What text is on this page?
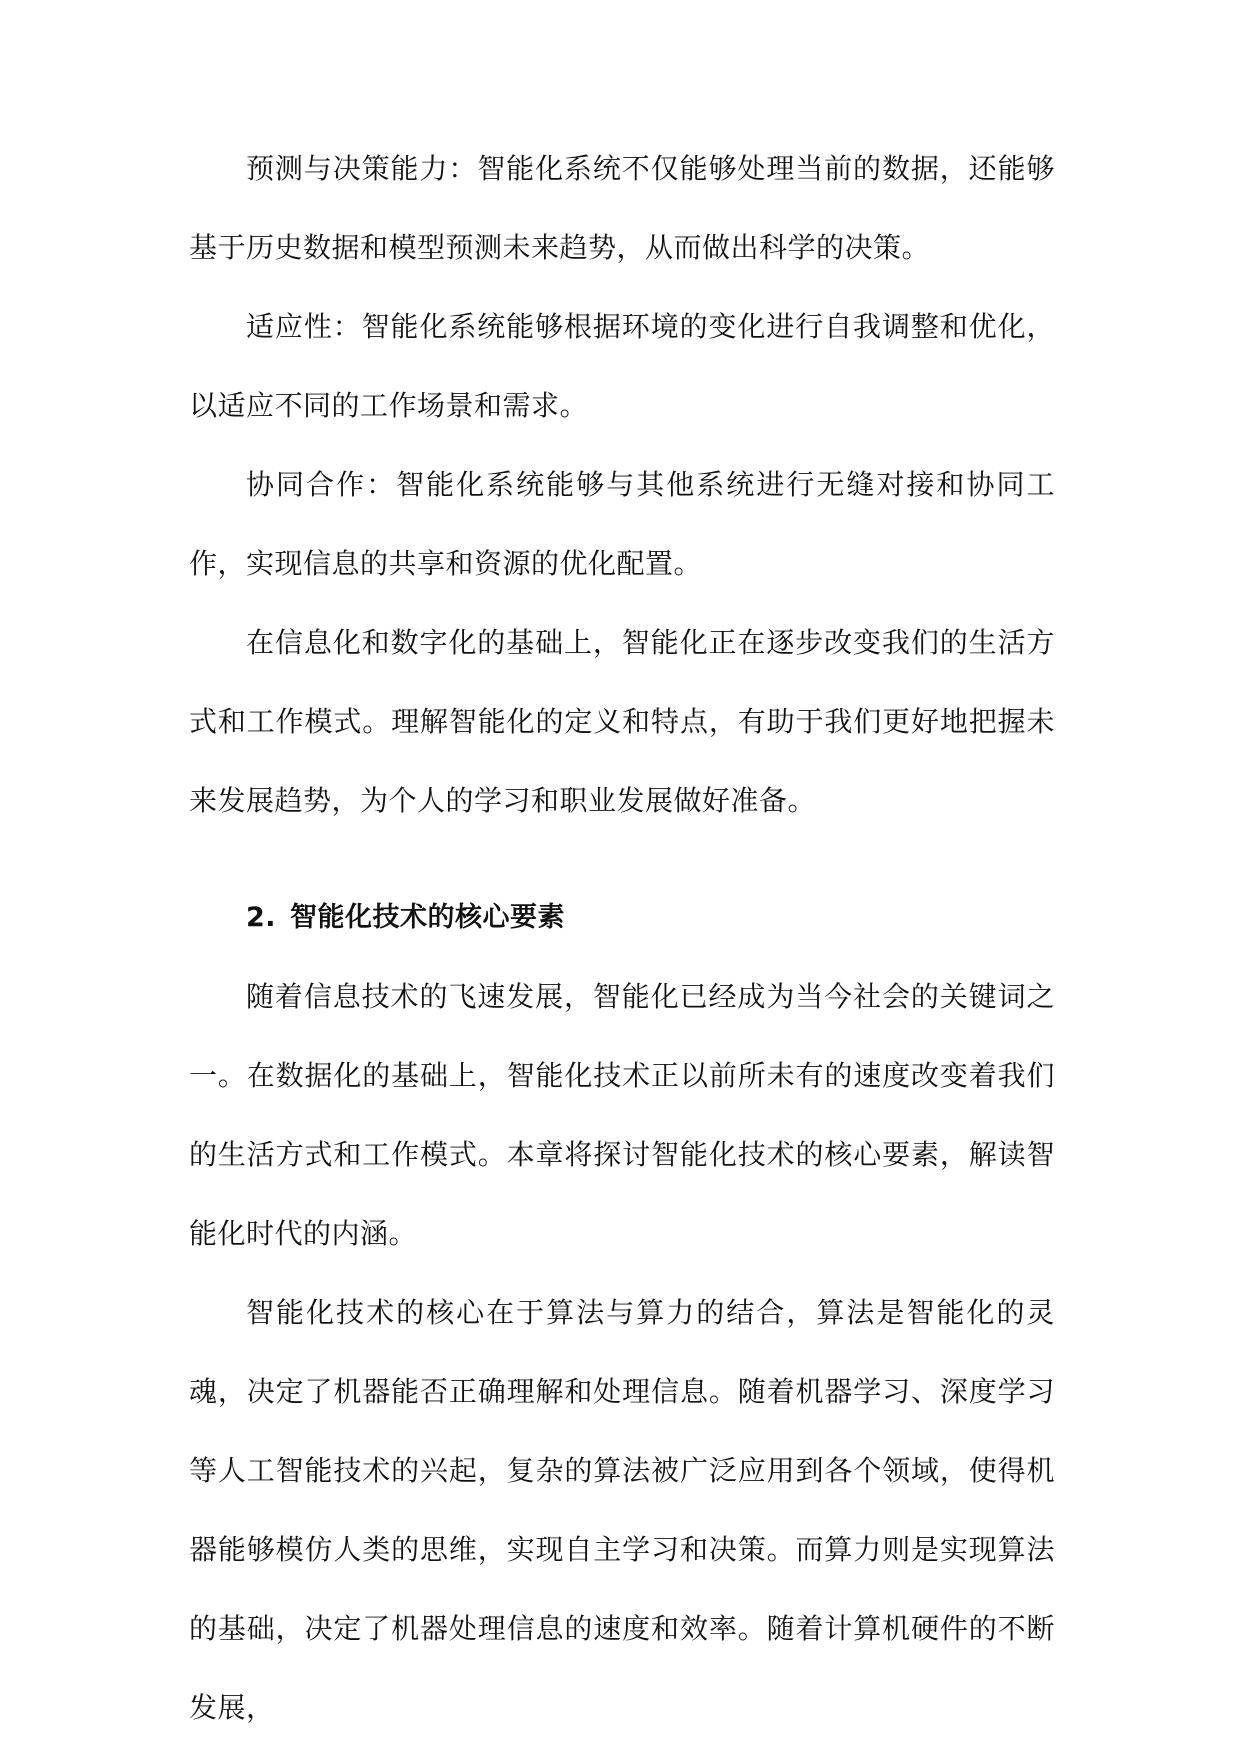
预测与决策能力：智能化系统不仅能够处理当前的数据，还能够基于历史数据和模型预测未来趋势，从而做出科学的决策。

适应性：智能化系统能够根据环境的变化进行自我调整和优化，以适应不同的工作场景和需求。

协同合作：智能化系统能够与其他系统进行无缝对接和协同工作，实现信息的共享和资源的优化配置。

在信息化和数字化的基础上，智能化正在逐步改变我们的生活方式和工作模式。理解智能化的定义和特点，有助于我们更好地把握未来发展趋势，为个人的学习和职业发展做好准备。

2. 智能化技术的核心要素

随着信息技术的飞速发展，智能化已经成为当今社会的关键词之一。在数据化的基础上，智能化技术正以前所未有的速度改变着我们的生活方式和工作模式。本章将探讨智能化技术的核心要素，解读智能化时代的内涵。

智能化技术的核心在于算法与算力的结合，算法是智能化的灵魂，决定了机器能否正确理解和处理信息。随着机器学习、深度学习等人工智能技术的兴起，复杂的算法被广泛应用到各个领域，使得机器能够模仿人类的思维，实现自主学习和决策。而算力则是实现算法的基础，决定了机器处理信息的速度和效率。随着计算机硬件的不断发展，
